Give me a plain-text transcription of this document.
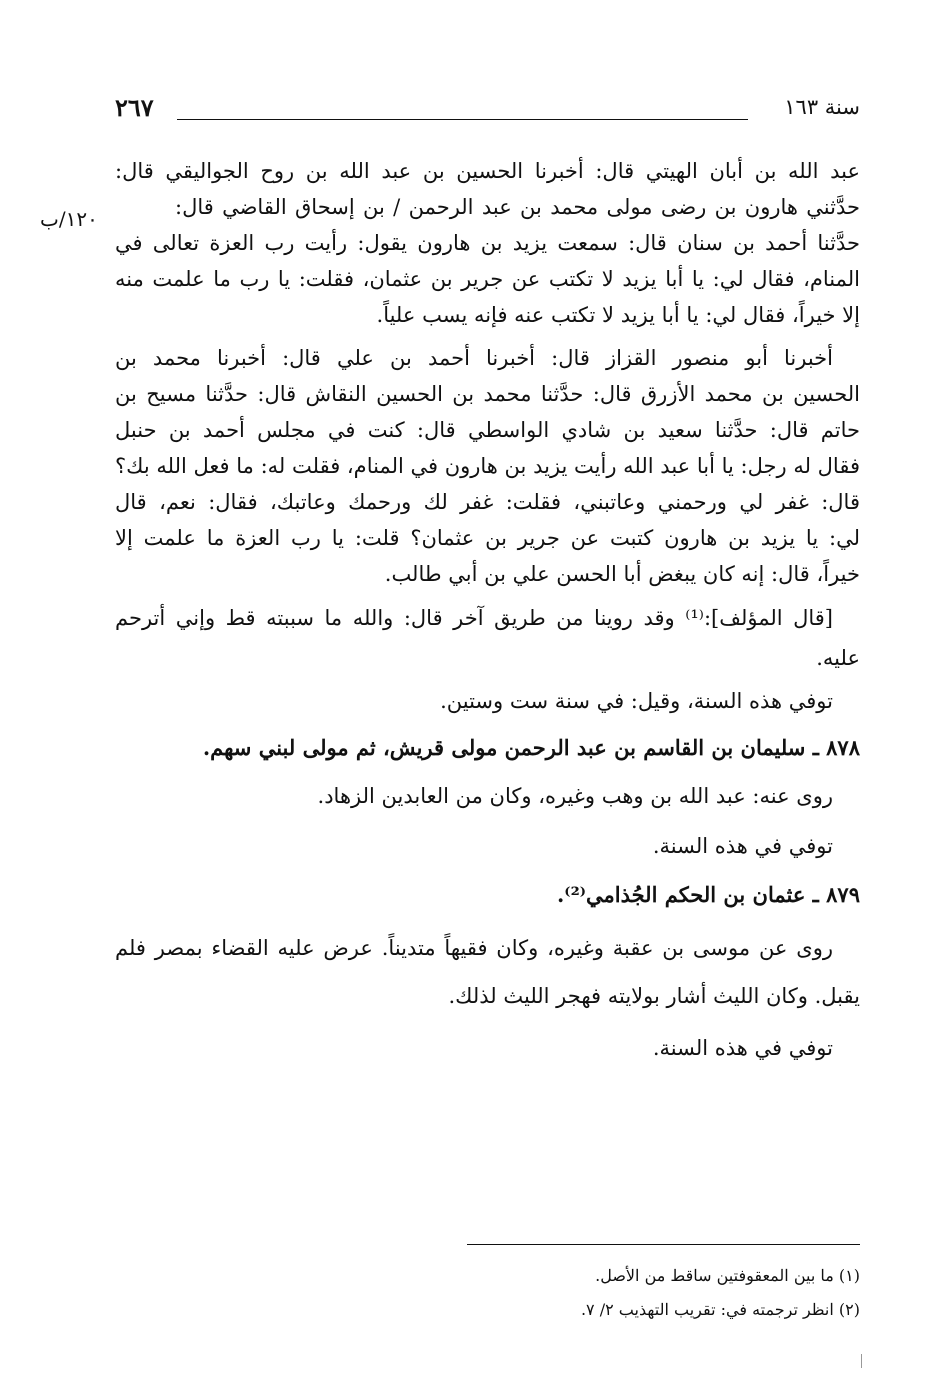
٢٦٧	سنة ١٦٣
١٢٠/ب
عبد الله بن أبان الهيتي قال: أخبرنا الحسين بن عبد الله بن روح الجواليقي قال:
حدَّثني هارون بن رضى مولى محمد بن عبد الرحمن / بن إسحاق القاضي قال:
حدَّثنا أحمد بن سنان قال: سمعت يزيد بن هارون يقول: رأيت رب العزة تعالى في
المنام، فقال لي: يا أبا يزيد لا تكتب عن جرير بن عثمان، فقلت: يا رب ما علمت منه
إلا خيراً، فقال لي: يا أبا يزيد لا تكتب عنه فإنه يسب علياً.
أخبرنا أبو منصور القزاز قال: أخبرنا أحمد بن علي قال: أخبرنا محمد بن
الحسين بن محمد الأزرق قال: حدَّثنا محمد بن الحسين النقاش قال: حدَّثنا مسيح بن
حاتم قال: حدَّثنا سعيد بن شادي الواسطي قال: كنت في مجلس أحمد بن حنبل
فقال له رجل: يا أبا عبد الله رأيت يزيد بن هارون في المنام، فقلت له: ما فعل الله بك؟
قال: غفر لي ورحمني وعاتبني، فقلت: غفر لك ورحمك وعاتبك، فقال: نعم، قال
لي: يا يزيد بن هارون كتبت عن جرير بن عثمان؟ قلت: يا رب العزة ما علمت إلا
خيراً، قال: إنه كان يبغض أبا الحسن علي بن أبي طالب.
[قال المؤلف]:⁽¹⁾ وقد روينا من طريق آخر قال: والله ما سببته قط وإني أترحم
عليه.
توفي هذه السنة، وقيل: في سنة ست وستين.
٨٧٨ ـ سليمان بن القاسم بن عبد الرحمن مولى قريش، ثم مولى لبني سهم.
روى عنه: عبد الله بن وهب وغيره، وكان من العابدين الزهاد.
توفي في هذه السنة.
٨٧٩ ـ عثمان بن الحكم الجُذامي⁽²⁾.
روى عن موسى بن عقبة وغيره، وكان فقيهاً متديناً. عرض عليه القضاء بمصر فلم
يقبل. وكان الليث أشار بولايته فهجر الليث لذلك.
توفي في هذه السنة.
(١) ما بين المعقوفتين ساقط من الأصل.
(٢) انظر ترجمته في: تقريب التهذيب ٢/ ٧.
